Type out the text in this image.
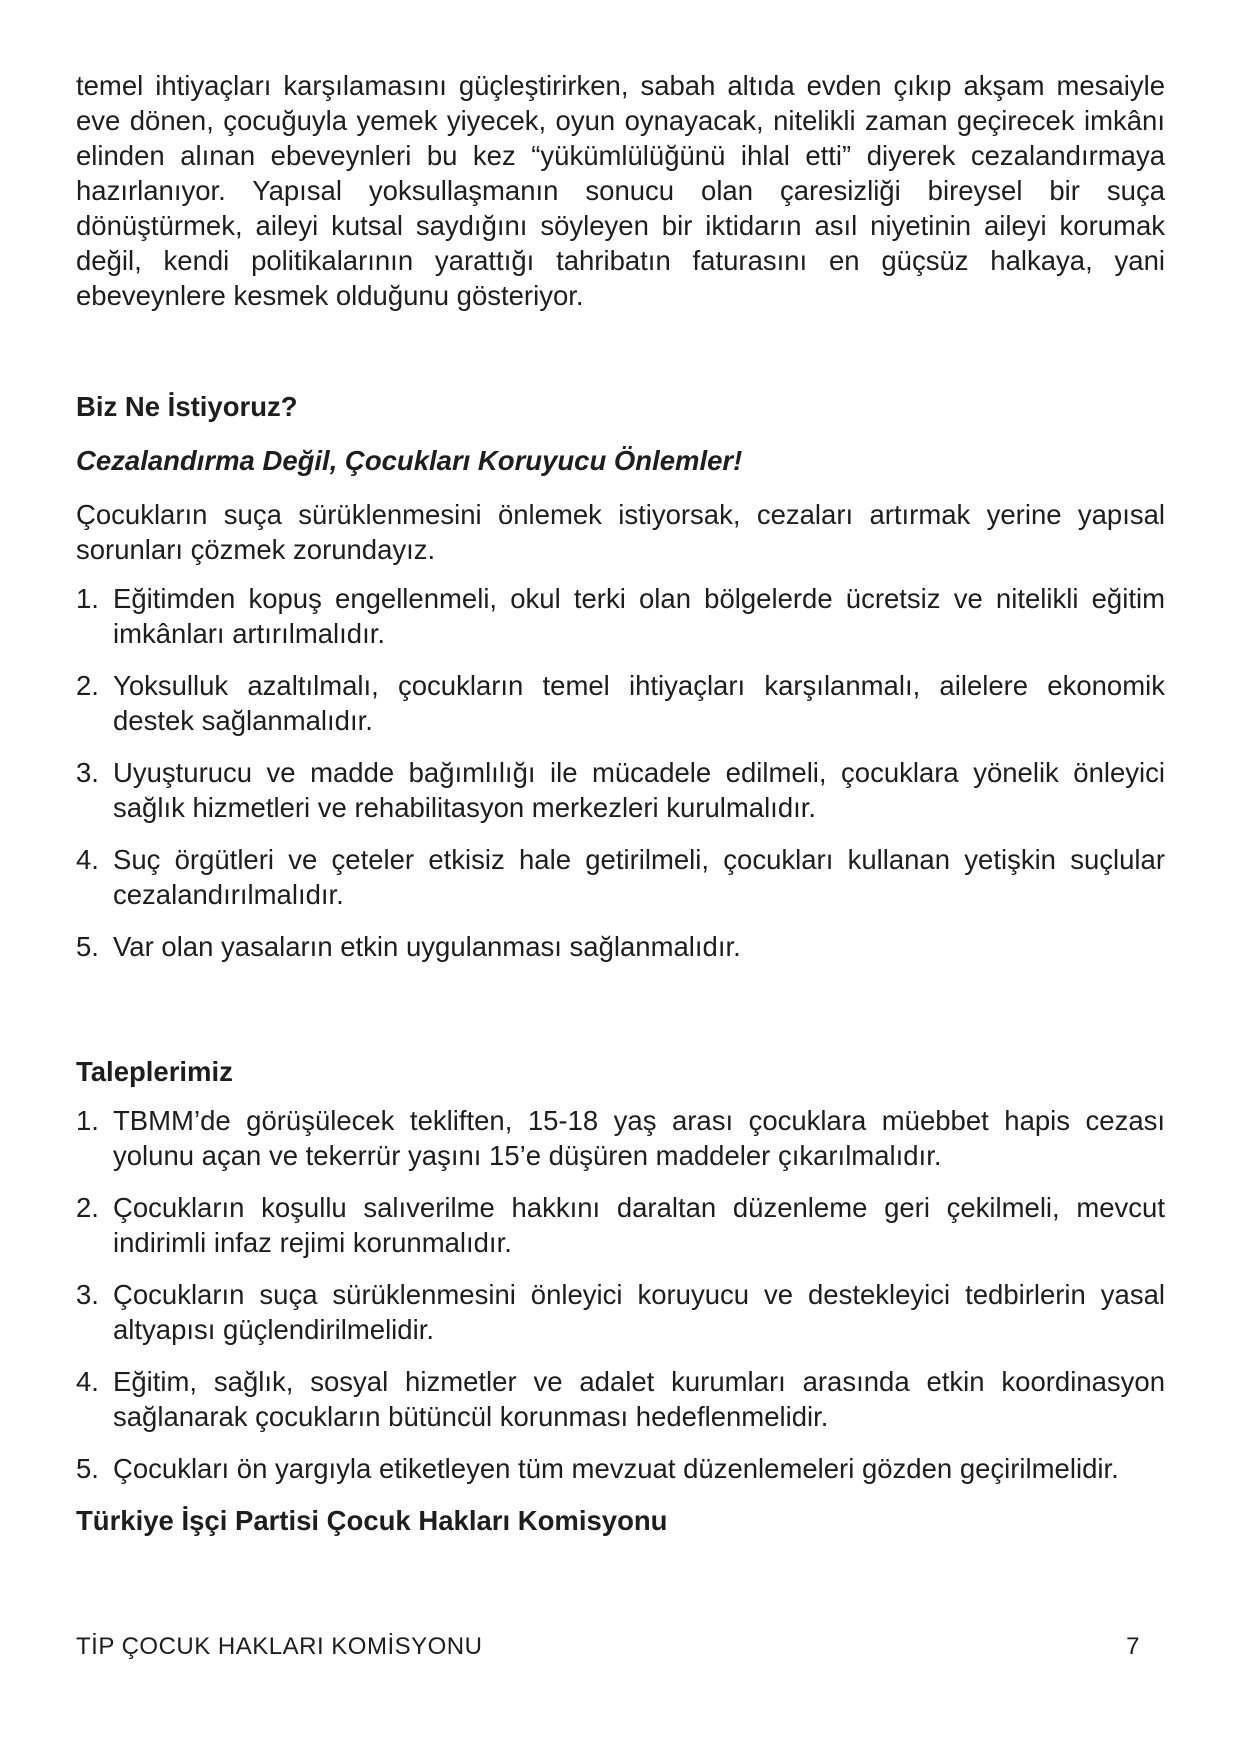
temel ihtiyaçları karşılamasını güçleştirirken, sabah altıda evden çıkıp akşam mesaiyle eve dönen, çocuğuyla yemek yiyecek, oyun oynayacak, nitelikli zaman geçirecek imkânı elinden alınan ebeveynleri bu kez “yükümlülüğünü ihlal etti” diyerek cezalandırmaya hazırlanıyor. Yapısal yoksullaşmanın sonucu olan çaresizliği bireysel bir suça dönüştürmek, aileyi kutsal saydığını söyleyen bir iktidarın asıl niyetinin aileyi korumak değil, kendi politikalarının yarattığı tahribatın faturasını en güçsüz halkaya, yani ebeveynlere kesmek olduğunu gösteriyor.

Biz Ne İstiyoruz?
Cezalandırma Değil, Çocukları Koruyucu Önlemler!

Çocukların suça sürüklenmesini önlemek istiyorsak, cezaları artırmak yerine yapısal sorunları çözmek zorundayız.

1. Eğitimden kopuş engellenmeli, okul terki olan bölgelerde ücretsiz ve nitelikli eğitim imkânları artırılmalıdır.
2. Yoksulluk azaltılmalı, çocukların temel ihtiyaçları karşılanmalı, ailelere ekonomik destek sağlanmalıdır.
3. Uyuşturucu ve madde bağımlılığı ile mücadele edilmeli, çocuklara yönelik önleyici sağlık hizmetleri ve rehabilitasyon merkezleri kurulmalıdır.
4. Suç örgütleri ve çeteler etkisiz hale getirilmeli, çocukları kullanan yetişkin suçlular cezalandırılmalıdır.
5. Var olan yasaların etkin uygulanması sağlanmalıdır.
Taleplerimiz
1. TBMM’de görüşülecek tekliften, 15-18 yaş arası çocuklara müebbet hapis cezası yolunu açan ve tekerrür yaşını 15’e düşüren maddeler çıkarılmalıdır.
2. Çocukların koşullu salıverilme hakkını daraltan düzenleme geri çekilmeli, mevcut indirimli infaz rejimi korunmalıdır.
3. Çocukların suça sürüklenmesini önleyici koruyucu ve destekleyici tedbirlerin yasal altyapısı güçlendirilmelidir.
4. Eğitim, sağlık, sosyal hizmetler ve adalet kurumları arasında etkin koordinasyon sağlanarak çocukların bütüncül korunması hedeflenmelidir.
5. Çocukları ön yargıyla etiketleyen tüm mevzuat düzenlemeleri gözden geçirilmelidir.
Türkiye İşçi Partisi Çocuk Hakları Komisyonu
TİP ÇOCUK HAKLARI KOMİSYONU	7
